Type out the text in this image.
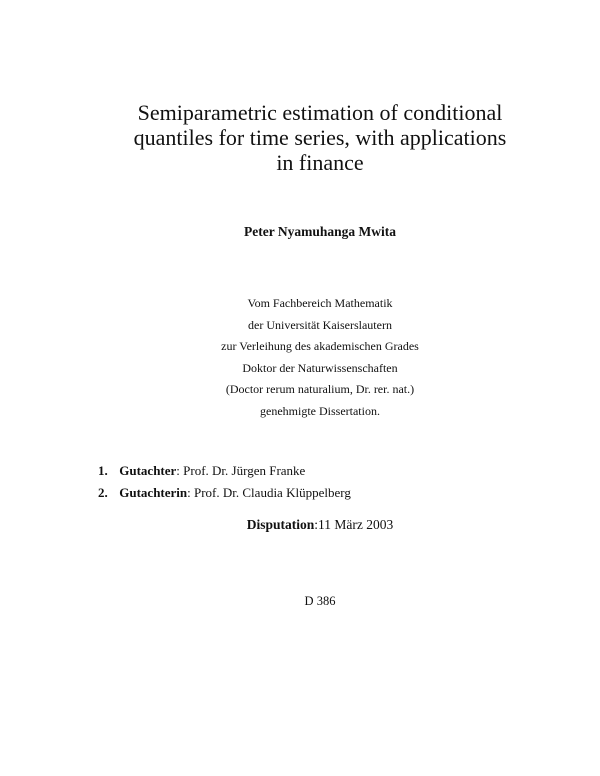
Semiparametric estimation of conditional
quantiles for time series, with applications
in finance

Peter Nyamuhanga Mwita

Vom Fachbereich Mathematik
der Universität Kaiserslautern
zur Verleihung des akademischen Grades
Doktor der Naturwissenschaften
(Doctor rerum naturalium, Dr. rer. nat.)
genehmigte Dissertation.

1. Gutachter: Prof. Dr. Jürgen Franke
2. Gutachterin: Prof. Dr. Claudia Klüppelberg

Disputation:11 März 2003

D 386
